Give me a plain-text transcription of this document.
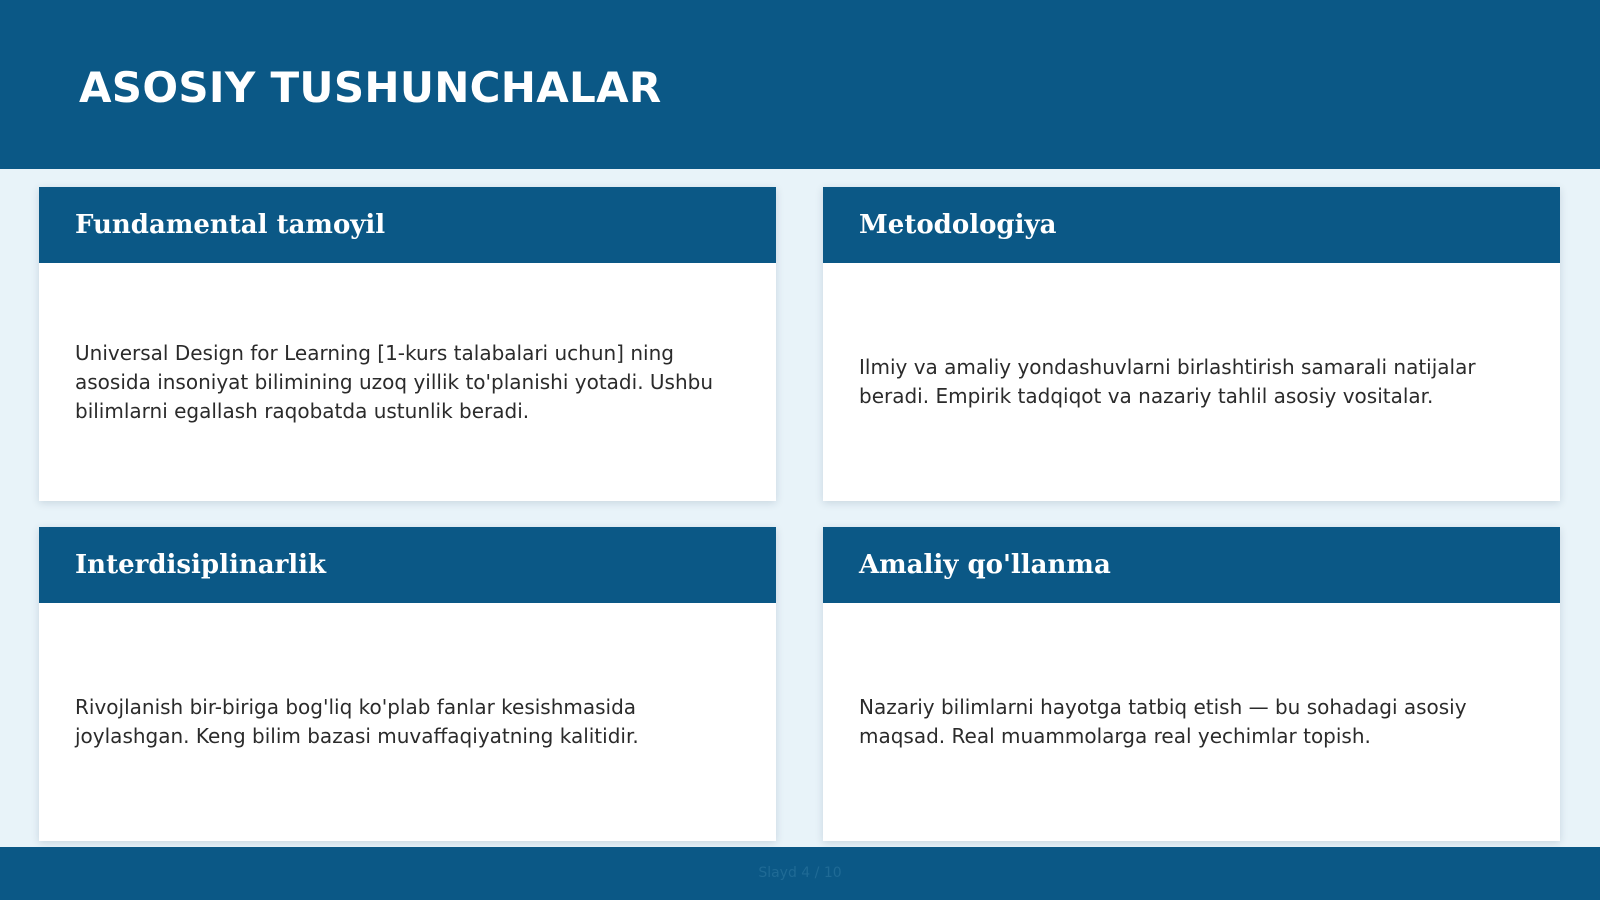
ASOSIY TUSHUNCHALAR
Fundamental tamoyil

Universal Design for Learning [1-kurs talabalari uchun] ning asosida insoniyat bilimining uzoq yillik to'planishi yotadi. Ushbu bilimlarni egallash raqobatda ustunlik beradi.

Metodologiya

Ilmiy va amaliy yondashuvlarni birlashtirish samarali natijalar beradi. Empirik tadqiqot va nazariy tahlil asosiy vositalar.

Interdisiplinarlik

Rivojlanish bir-biriga bog'liq ko'plab fanlar kesishmasida joylashgan. Keng bilim bazasi muvaffaqiyatning kalitidir.

Amaliy qo'llanma

Nazariy bilimlarni hayotga tatbiq etish — bu sohadagi asosiy maqsad. Real muammolarga real yechimlar topish.

Slayd 4 / 10
